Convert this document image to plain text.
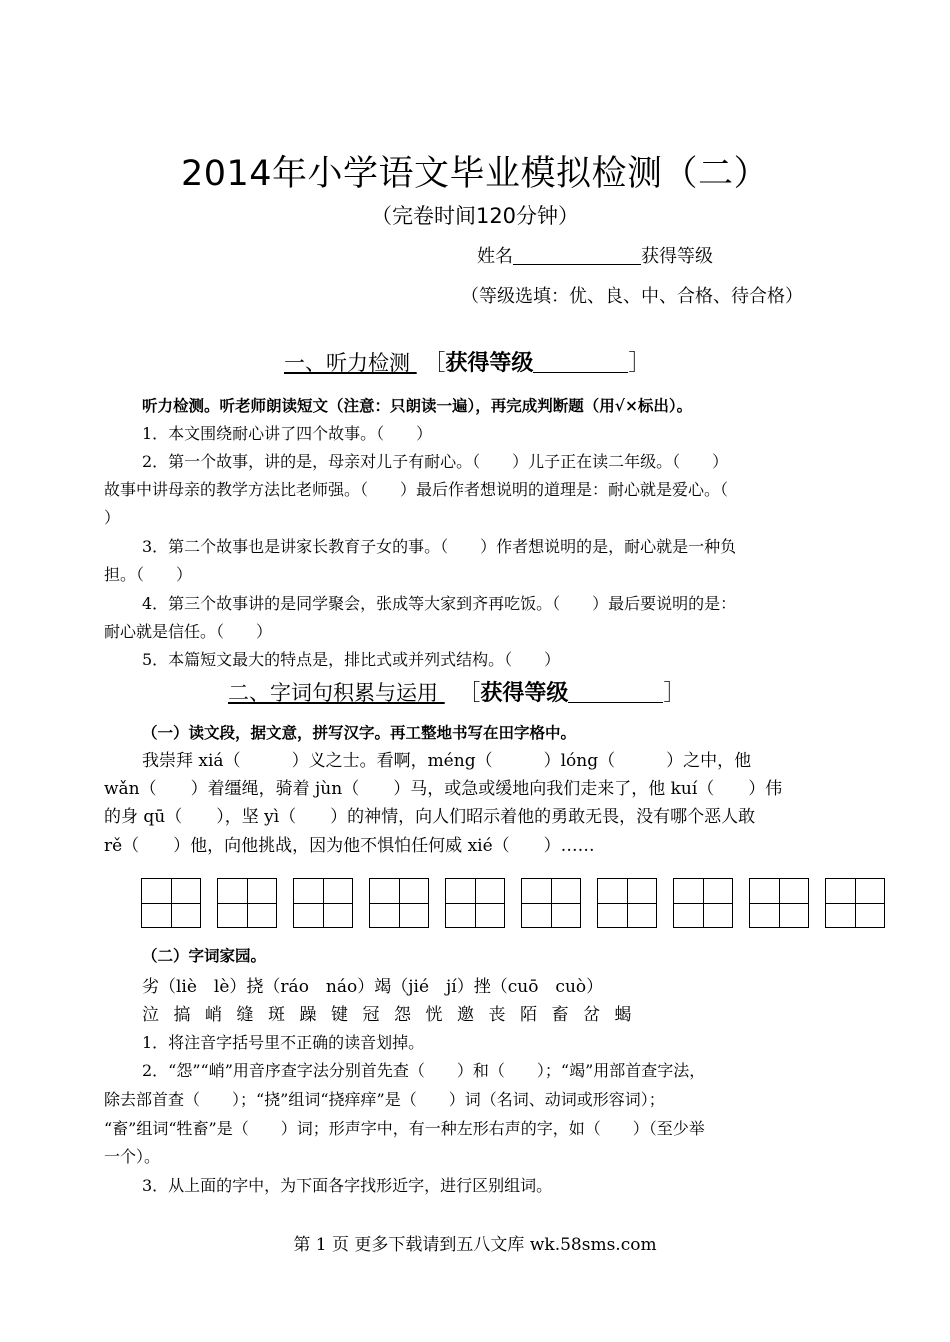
2014年小学语文毕业模拟检测（二）
（完卷时间120分钟）
姓名	获得等级
（等级选填：优、良、中、合格、待合格）
一、听力检测 ［获得等级	］
听力检测。听老师朗读短文（注意：只朗读一遍），再完成判断题（用√×标出）。
1．本文围绕耐心讲了四个故事。（　　）
2．第一个故事，讲的是，母亲对儿子有耐心。（　　）儿子正在读二年级。（　　）
故事中讲母亲的教学方法比老师强。（　　）最后作者想说明的道理是：耐心就是爱心。（
）
3．第二个故事也是讲家长教育子女的事。（　　）作者想说明的是，耐心就是一种负
担。（　　）
4．第三个故事讲的是同学聚会，张成等大家到齐再吃饭。（　　）最后要说明的是：
耐心就是信任。（　　）
5．本篇短文最大的特点是，排比式或并列式结构。（　　）
二、字词句积累与运用   ［获得等级	］
（一）读文段，据文意，拼写汉字。再工整地书写在田字格中。
我崇拜 xiá（　　　）义之士。看啊，méng（　　　）lóng（　　　）之中，他
wǎn（　　）着缰绳，骑着 jùn（　　）马，或急或缓地向我们走来了，他 kuí（　　）伟
的身 qū（　　），坚 yì（　　）的神情，向人们昭示着他的勇敢无畏，没有哪个恶人敢
rě（　　）他，向他挑战，因为他不惧怕任何威 xié（　　）……
（二）字词家园。
劣（liè　lè）挠（ráo　náo）竭（jié　jí）挫（cuō　cuò）
泣 搞 峭 缝 斑 躁 键 冠 怨 恍 邀 丧 陌 畜 岔 蝎
1．将注音字括号里不正确的读音划掉。
2．“怨”“峭”用音序查字法分别首先查（　　）和（　　）；“竭”用部首查字法，
除去部首查（　　）；“挠”组词“挠痒痒”是（　　）词（名词、动词或形容词）；
“畜”组词“牲畜”是（　　）词；形声字中，有一种左形右声的字，如（　　）（至少举
一个）。
3．从上面的字中，为下面各字找形近字，进行区别组词。
第 1 页 更多下载请到五八文库 wk.58sms.com
